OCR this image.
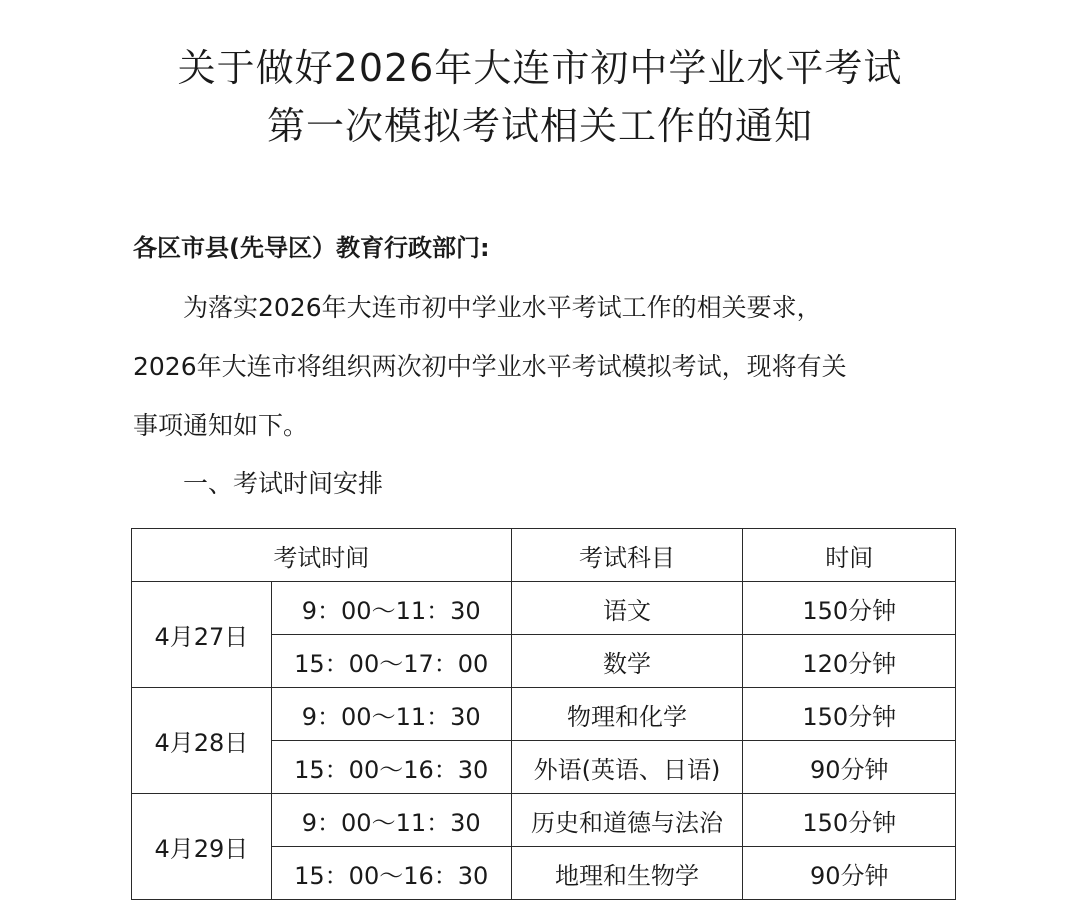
关于做好2026年大连市初中学业水平考试
第一次模拟考试相关工作的通知

各区市县(先导区）教育行政部门:

为落实2026年大连市初中学业水平考试工作的相关要求，

2026年大连市将组织两次初中学业水平考试模拟考试，现将有关

事项通知如下。

一、考试时间安排

考试时间		考试科目	时间
4月27日	9：00～11：30	语文	150分钟
	15：00～17：00	数学	120分钟
4月28日	9：00～11：30	物理和化学	150分钟
	15：00～16：30	外语(英语、日语)	90分钟
4月29日	9：00～11：30	历史和道德与法治	150分钟
	15：00～16：30	地理和生物学	90分钟
